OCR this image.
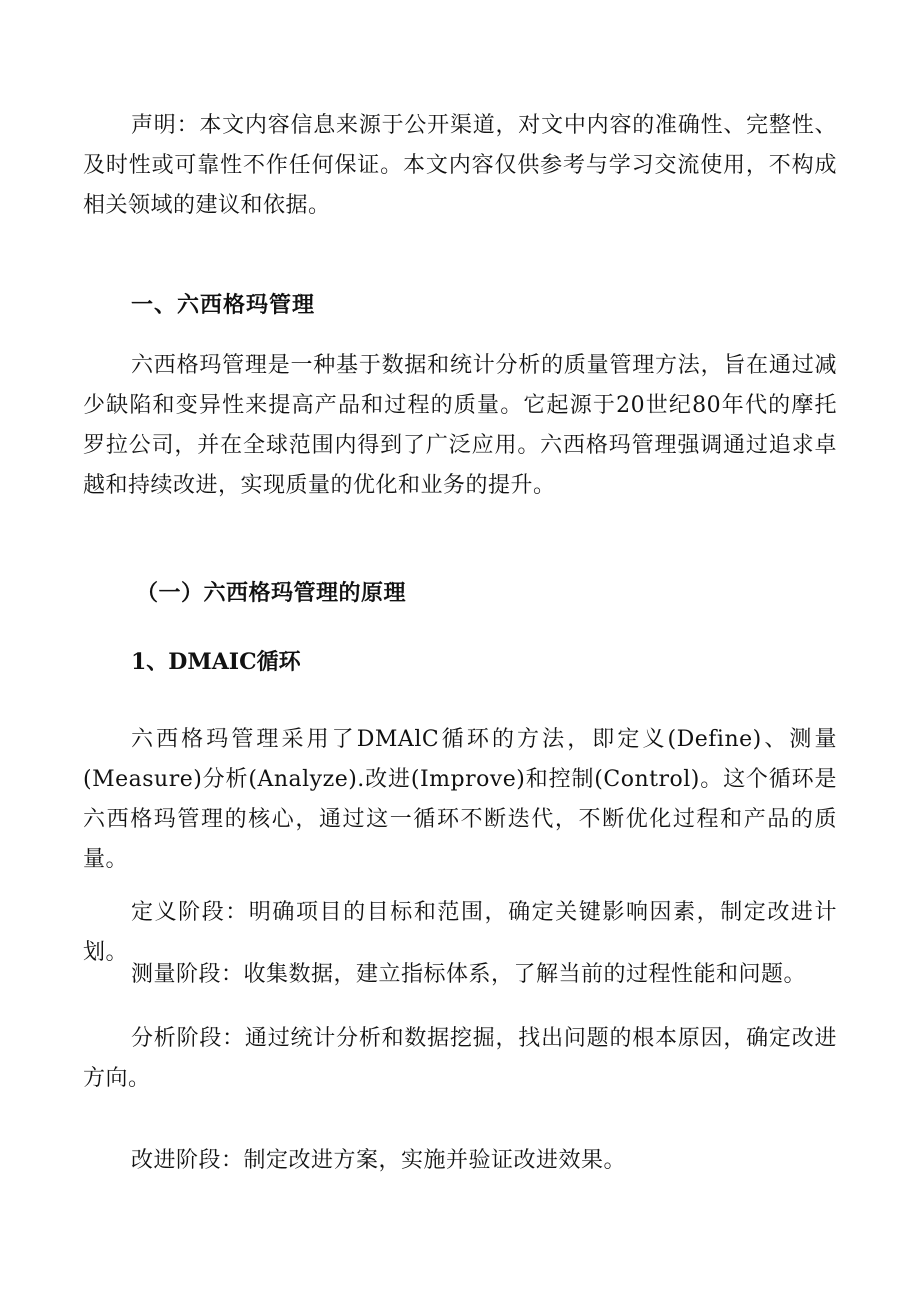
声明：本文内容信息来源于公开渠道，对文中内容的准确性、完整性、及时性或可靠性不作任何保证。本文内容仅供参考与学习交流使用，不构成相关领域的建议和依据。

一、六西格玛管理

六西格玛管理是一种基于数据和统计分析的质量管理方法，旨在通过减少缺陷和变异性来提高产品和过程的质量。它起源于20世纪80年代的摩托罗拉公司，并在全球范围内得到了广泛应用。六西格玛管理强调通过追求卓越和持续改进，实现质量的优化和业务的提升。

（一）六西格玛管理的原理
1、DMAIC循环

六西格玛管理采用了DMAlC循环的方法，即定义(Define)、测量(Measure)分析(Analyze).改进(Improve)和控制(Control)。这个循环是六西格玛管理的核心，通过这一循环不断迭代，不断优化过程和产品的质量。

定义阶段：明确项目的目标和范围，确定关键影响因素，制定改进计划。

测量阶段：收集数据，建立指标体系，了解当前的过程性能和问题。

分析阶段：通过统计分析和数据挖掘，找出问题的根本原因，确定改进方向。

改进阶段：制定改进方案，实施并验证改进效果。
